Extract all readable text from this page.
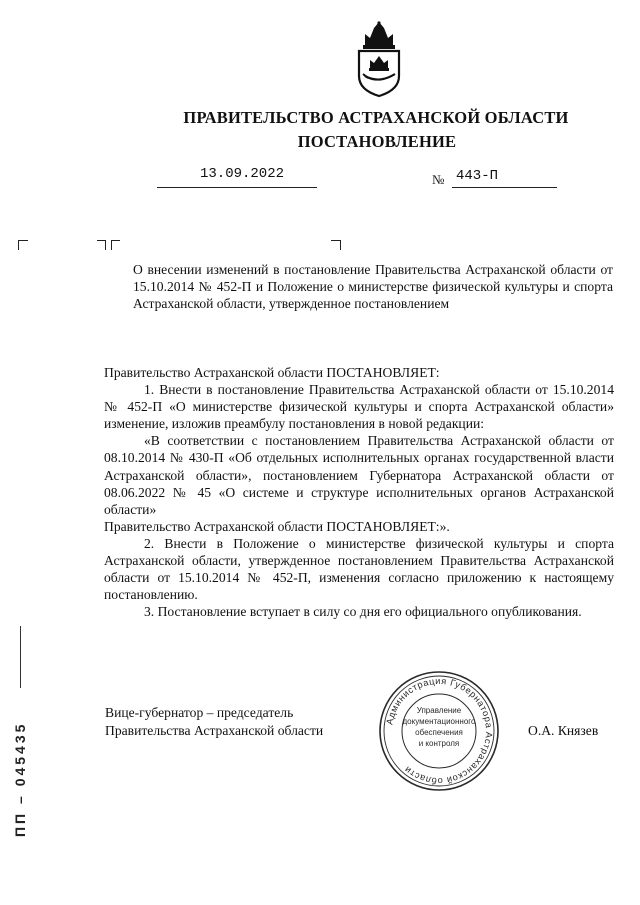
ПРАВИТЕЛЬСТВО АСТРАХАНСКОЙ ОБЛАСТИ
ПОСТАНОВЛЕНИЕ
13.09.2022	№ 443-П
О внесении изменений в постановление Правительства Астраханской области от 15.10.2014 № 452-П и Положение о министерстве физической культуры и спорта Астраханской области, утвержденное постановлением

Правительство Астраханской области ПОСТАНОВЛЯЕТ:

1. Внести в постановление Правительства Астраханской области от 15.10.2014 № 452-П «О министерстве физической культуры и спорта Астраханской области» изменение, изложив преамбулу постановления в новой редакции:

«В соответствии с постановлением Правительства Астраханской области от 08.10.2014 № 430-П «Об отдельных исполнительных органах государственной власти Астраханской области», постановлением Губернатора Астраханской области от 08.06.2022 № 45 «О системе и структуре исполнительных органов Астраханской области»

Правительство Астраханской области ПОСТАНОВЛЯЕТ:».

2. Внести в Положение о министерстве физической культуры и спорта Астраханской области, утвержденное постановлением Правительства Астраханской области от 15.10.2014 № 452-П, изменения согласно приложению к настоящему постановлению.

3. Постановление вступает в силу со дня его официального опубликования.

Вице-губернатор – председатель
Правительства Астраханской области	О.А. Князев
Администрация Губернатора Астраханской области
Управление
документационного
обеспечения
и контроля
ПП – 045435
